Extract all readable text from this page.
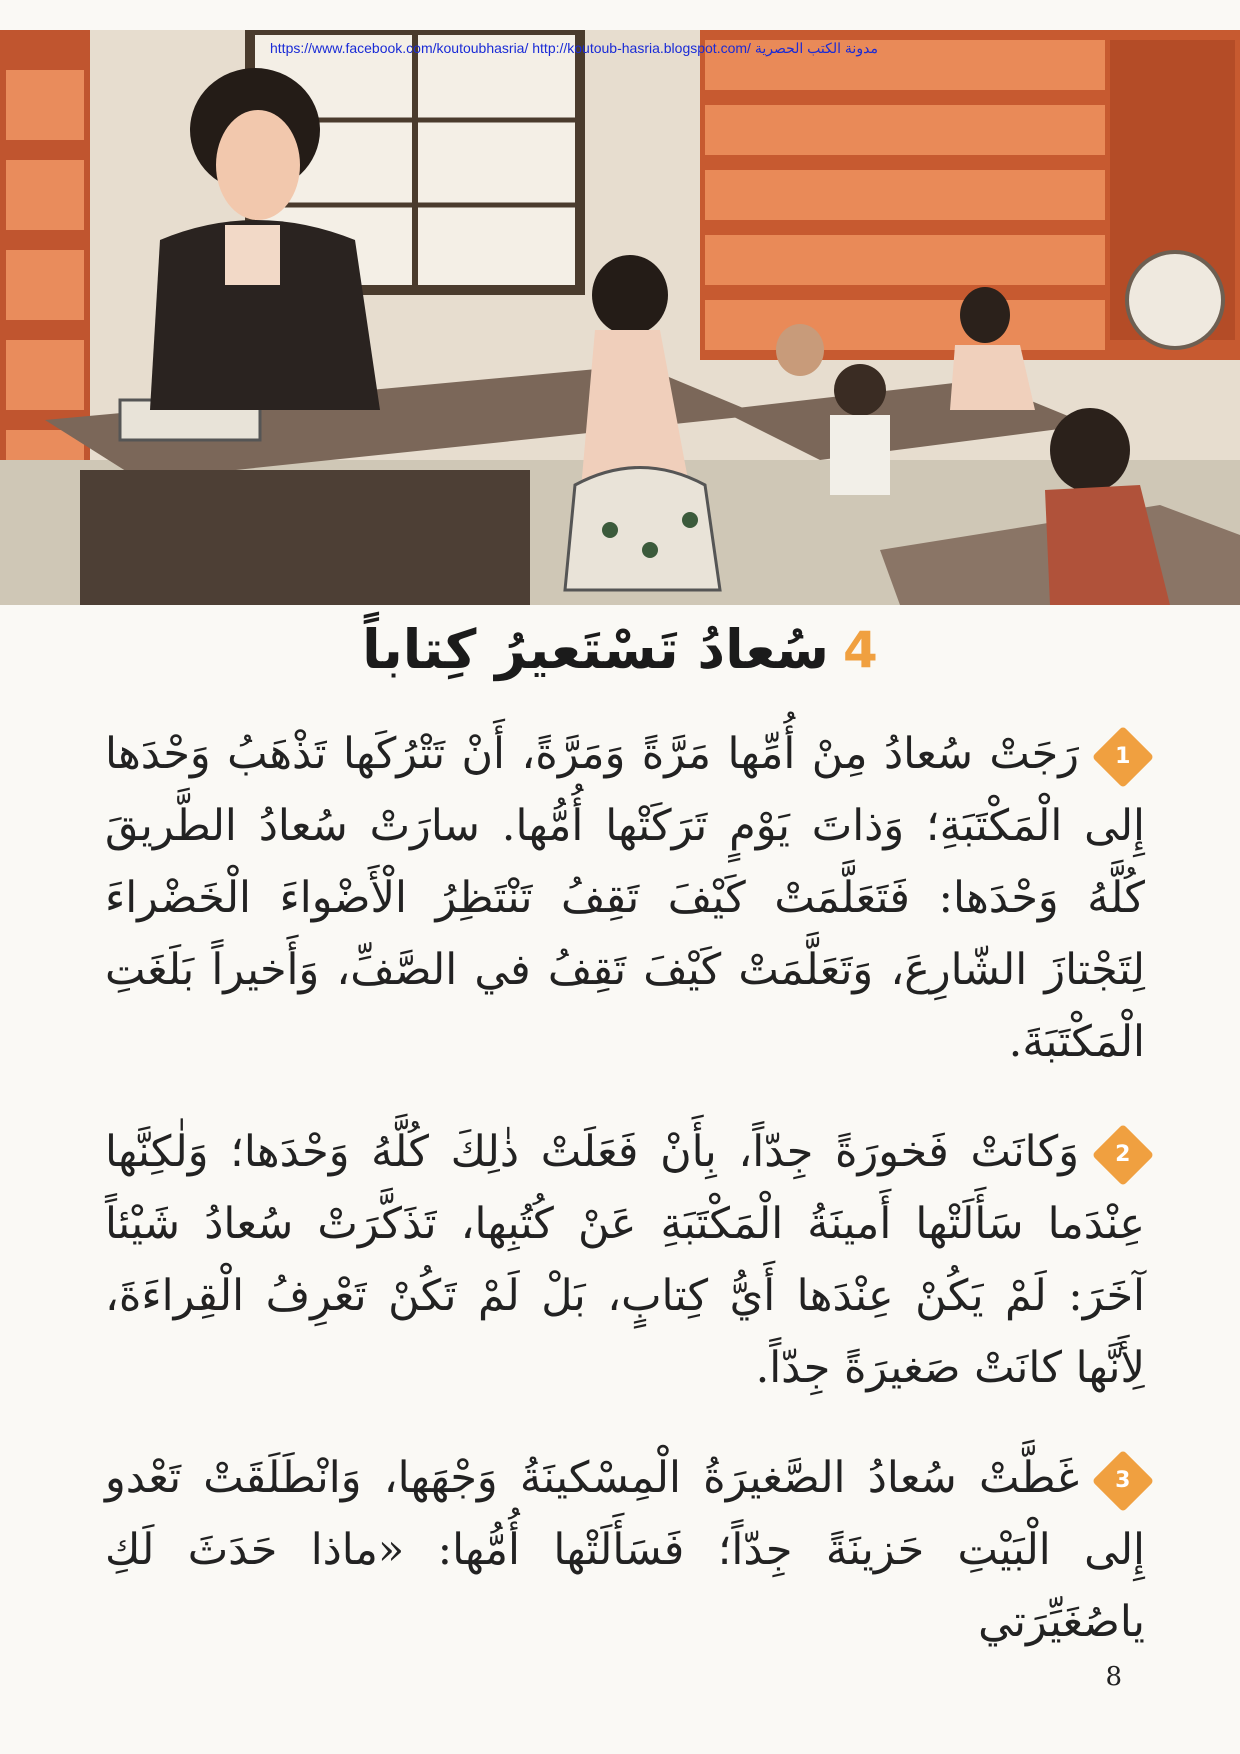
https://www.facebook.com/koutoubhasria/ http://koutoub-hasria.blogspot.com/ مدونة الكتب الحصرية
4
سُعادُ تَسْتَعيرُ كِتاباً

1
رَجَتْ سُعادُ مِنْ أُمِّها مَرَّةً وَمَرَّةً، أَنْ تَتْرُكَها تَذْهَبُ وَحْدَها إِلى الْمَكْتَبَةِ؛ وَذاتَ يَوْمٍ تَرَكَتْها أُمُّها. سارَتْ سُعادُ الطَّريقَ كُلَّهُ وَحْدَها: فَتَعَلَّمَتْ كَيْفَ تَقِفُ تَنْتَظِرُ الْأَضْواءَ الْخَضْراءَ لِتَجْتازَ الشّارِعَ، وَتَعَلَّمَتْ كَيْفَ تَقِفُ في الصَّفِّ، وَأَخيراً بَلَغَتِ الْمَكْتَبَةَ.

2
وَكانَتْ فَخورَةً جِدّاً، بِأَنْ فَعَلَتْ ذٰلِكَ كُلَّهُ وَحْدَها؛ وَلٰكِنَّها عِنْدَما سَأَلَتْها أَمينَةُ الْمَكْتَبَةِ عَنْ كُتُبِها، تَذَكَّرَتْ سُعادُ شَيْئاً آخَرَ: لَمْ يَكُنْ عِنْدَها أَيُّ كِتابٍ، بَلْ لَمْ تَكُنْ تَعْرِفُ الْقِراءَةَ، لِأَنَّها كانَتْ صَغيرَةً جِدّاً.

3
غَطَّتْ سُعادُ الصَّغيرَةُ الْمِسْكينَةُ وَجْهَها، وَانْطَلَقَتْ تَعْدو إِلى الْبَيْتِ حَزينَةً جِدّاً؛ فَسَأَلَتْها أُمُّها: «ماذا حَدَثَ لَكِ ياصُغَيِّرَتي

8
